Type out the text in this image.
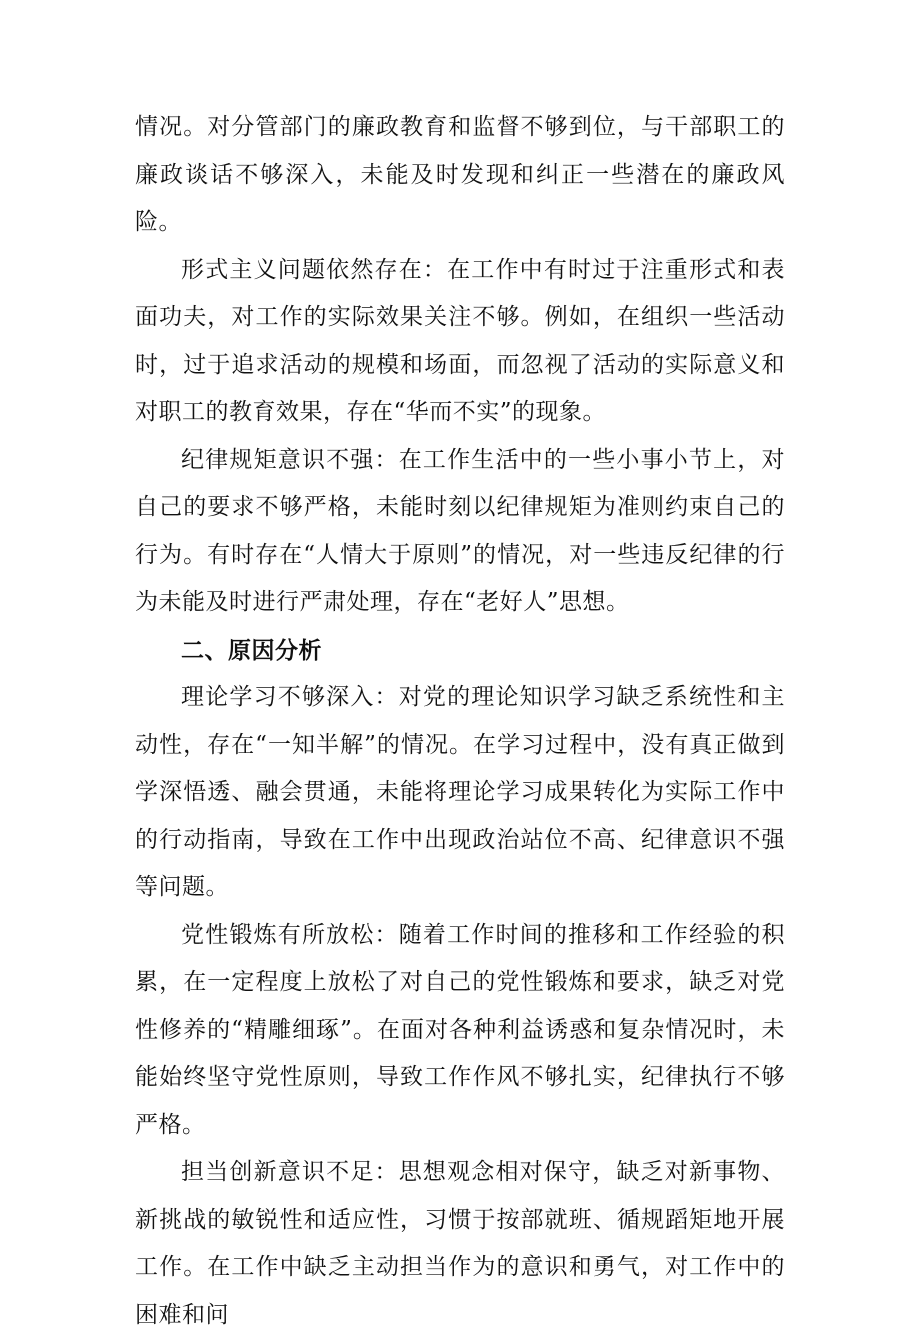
情况。对分管部门的廉政教育和监督不够到位，与干部职工的廉政谈话不够深入，未能及时发现和纠正一些潜在的廉政风险。

形式主义问题依然存在：在工作中有时过于注重形式和表面功夫，对工作的实际效果关注不够。例如，在组织一些活动时，过于追求活动的规模和场面，而忽视了活动的实际意义和对职工的教育效果，存在“华而不实”的现象。

纪律规矩意识不强：在工作生活中的一些小事小节上，对自己的要求不够严格，未能时刻以纪律规矩为准则约束自己的行为。有时存在“人情大于原则”的情况，对一些违反纪律的行为未能及时进行严肃处理，存在“老好人”思想。

二、原因分析

理论学习不够深入：对党的理论知识学习缺乏系统性和主动性，存在“一知半解”的情况。在学习过程中，没有真正做到学深悟透、融会贯通，未能将理论学习成果转化为实际工作中的行动指南，导致在工作中出现政治站位不高、纪律意识不强等问题。

党性锻炼有所放松：随着工作时间的推移和工作经验的积累，在一定程度上放松了对自己的党性锻炼和要求，缺乏对党性修养的“精雕细琢”。在面对各种利益诱惑和复杂情况时，未能始终坚守党性原则，导致工作作风不够扎实，纪律执行不够严格。

担当创新意识不足：思想观念相对保守，缺乏对新事物、新挑战的敏锐性和适应性，习惯于按部就班、循规蹈矩地开展工作。在工作中缺乏主动担当作为的意识和勇气，对工作中的困难和问
